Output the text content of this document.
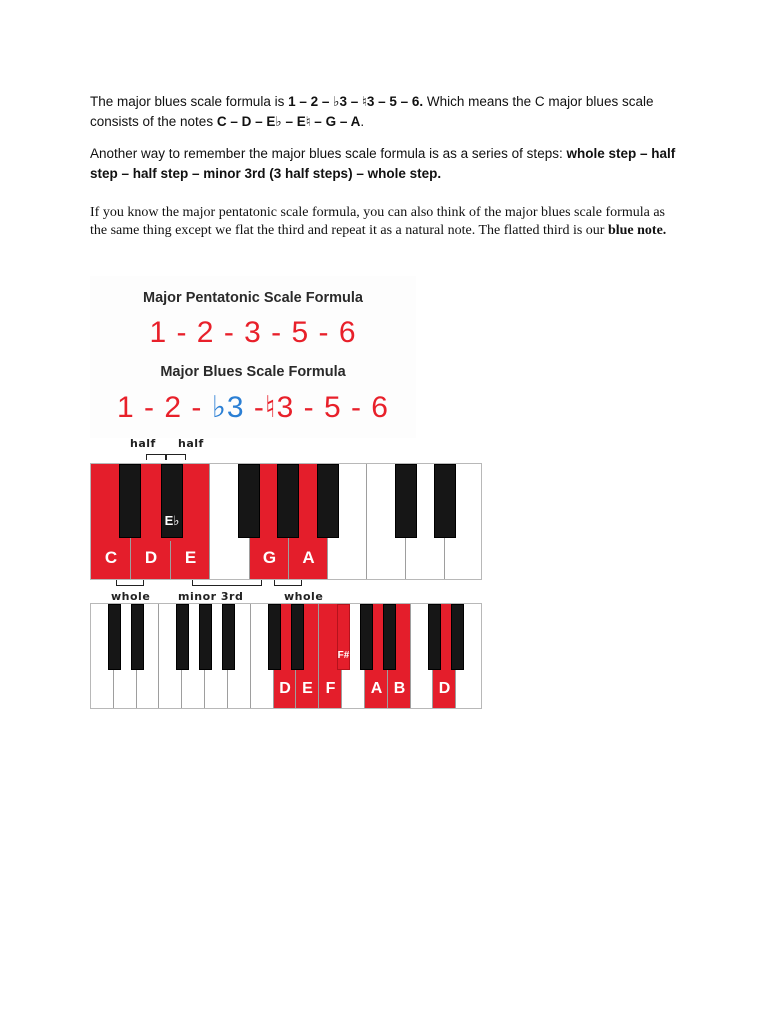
The major blues scale formula is 1 – 2 – ♭3 – ♮3 – 5 – 6. Which means the C major blues scale consists of the notes C – D – E♭ – E♮ – G – A.
Another way to remember the major blues scale formula is as a series of steps: whole step – half step – half step – minor 3rd (3 half steps) – whole step.
If you know the major pentatonic scale formula, you can also think of the major blues scale formula as the same thing except we flat the third and repeat it as a natural note. The flatted third is our blue note.
Major Pentatonic Scale Formula
1 - 2 - 3 - 5 - 6
Major Blues Scale Formula
1 - 2 - ♭3 -♮3 - 5 - 6
half half
E♭
C	D	E	G	A
whole	minor 3rd	whole
F#
D E F	A B	D
